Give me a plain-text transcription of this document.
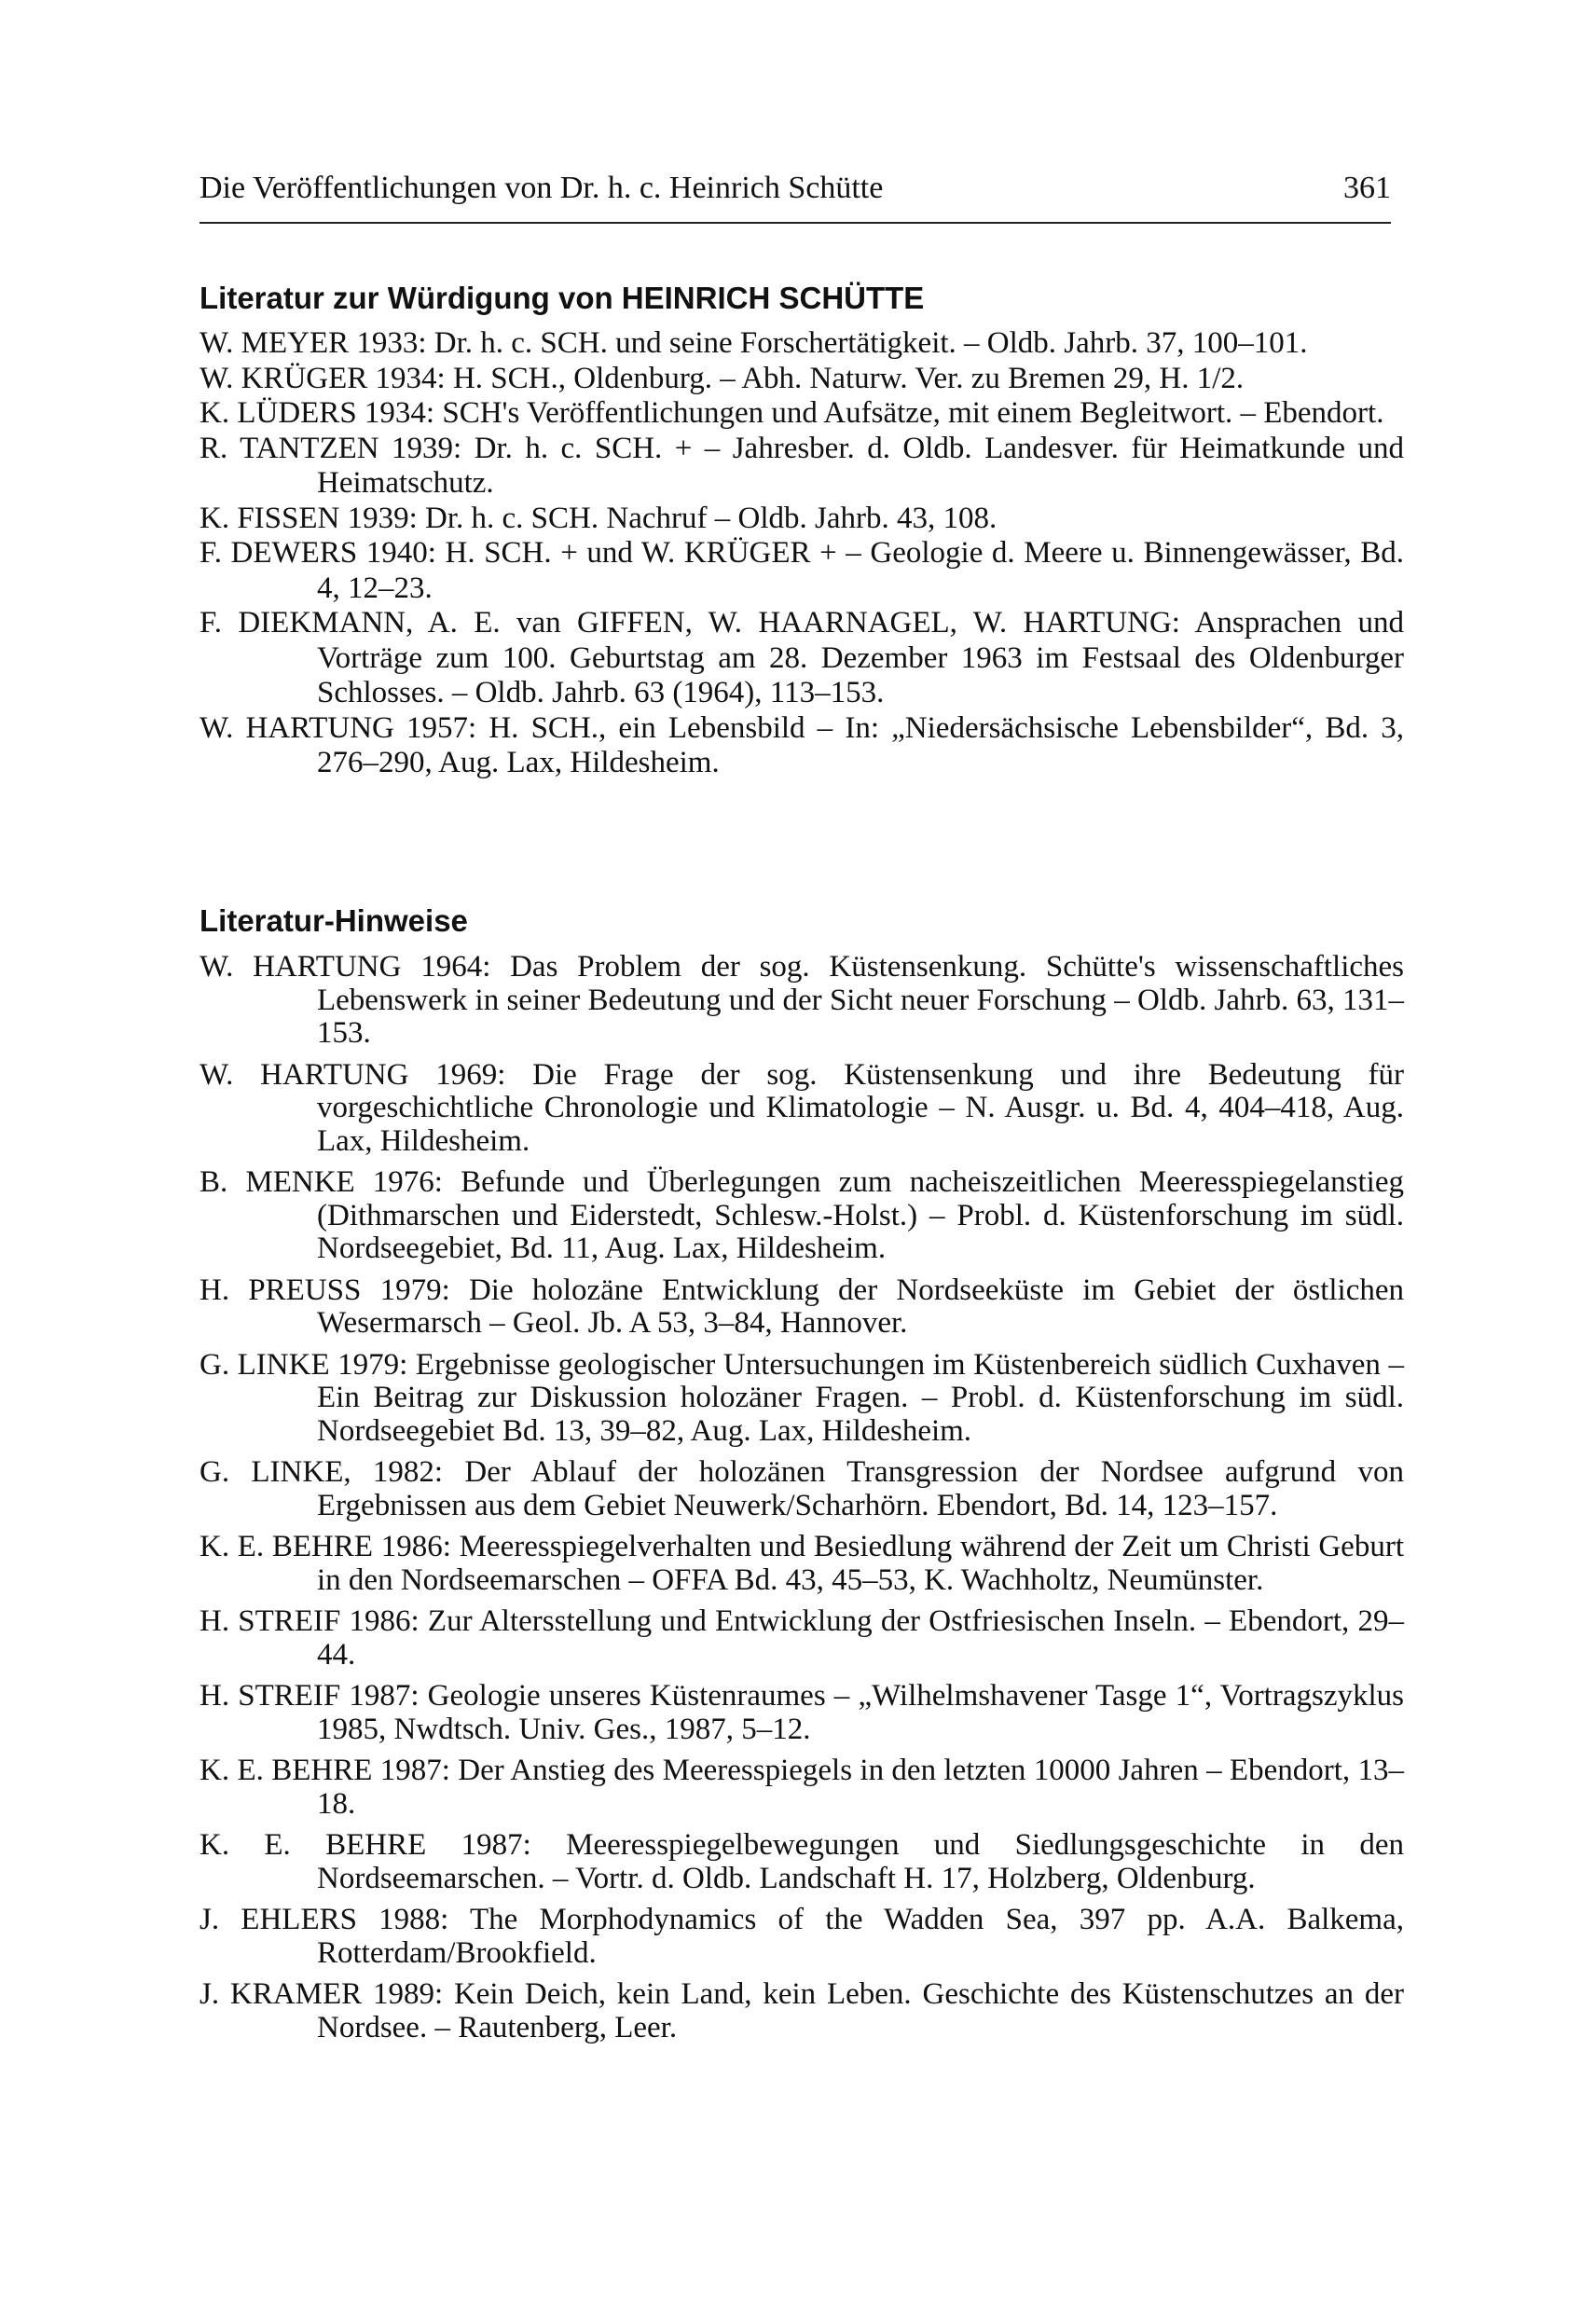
Die Veröffentlichungen von Dr. h. c. Heinrich Schütte	361
Literatur zur Würdigung von HEINRICH SCHÜTTE

W. MEYER 1933: Dr. h. c. SCH. und seine Forschertätigkeit. – Oldb. Jahrb. 37, 100–101.

W. KRÜGER 1934: H. SCH., Oldenburg. – Abh. Naturw. Ver. zu Bremen 29, H. 1/2.

K. LÜDERS 1934: SCH's Veröffentlichungen und Aufsätze, mit einem Begleitwort. – Ebendort.

R. TANTZEN 1939: Dr. h. c. SCH. + – Jahresber. d. Oldb. Landesver. für Heimatkunde und Heimatschutz.

K. FISSEN 1939: Dr. h. c. SCH. Nachruf – Oldb. Jahrb. 43, 108.

F. DEWERS 1940: H. SCH. + und W. KRÜGER + – Geologie d. Meere u. Binnengewässer, Bd. 4, 12–23.

F. DIEKMANN, A. E. van GIFFEN, W. HAARNAGEL, W. HARTUNG: Ansprachen und Vorträge zum 100. Geburtstag am 28. Dezember 1963 im Festsaal des Oldenburger Schlosses. – Oldb. Jahrb. 63 (1964), 113–153.

W. HARTUNG 1957: H. SCH., ein Lebensbild – In: „Niedersächsische Lebensbilder“, Bd. 3, 276–290, Aug. Lax, Hildesheim.

Literatur-Hinweise

W. HARTUNG 1964: Das Problem der sog. Küstensenkung. Schütte's wissenschaftliches Lebenswerk in seiner Bedeutung und der Sicht neuer Forschung – Oldb. Jahrb. 63, 131–153.

W. HARTUNG 1969: Die Frage der sog. Küstensenkung und ihre Bedeutung für vorgeschichtliche Chronologie und Klimatologie – N. Ausgr. u. Bd. 4, 404–418, Aug. Lax, Hildesheim.

B. MENKE 1976: Befunde und Überlegungen zum nacheiszeitlichen Meeresspiegelanstieg (Dithmarschen und Eiderstedt, Schlesw.-Holst.) – Probl. d. Küstenforschung im südl. Nordseegebiet, Bd. 11, Aug. Lax, Hildesheim.

H. PREUSS 1979: Die holozäne Entwicklung der Nordseeküste im Gebiet der östlichen Wesermarsch – Geol. Jb. A 53, 3–84, Hannover.

G. LINKE 1979: Ergebnisse geologischer Untersuchungen im Küstenbereich südlich Cuxhaven – Ein Beitrag zur Diskussion holozäner Fragen. – Probl. d. Küstenforschung im südl. Nordseegebiet Bd. 13, 39–82, Aug. Lax, Hildesheim.

G. LINKE, 1982: Der Ablauf der holozänen Transgression der Nordsee aufgrund von Ergebnissen aus dem Gebiet Neuwerk/Scharhörn. Ebendort, Bd. 14, 123–157.

K. E. BEHRE 1986: Meeresspiegelverhalten und Besiedlung während der Zeit um Christi Geburt in den Nordseemarschen – OFFA Bd. 43, 45–53, K. Wachholtz, Neumünster.

H. STREIF 1986: Zur Altersstellung und Entwicklung der Ostfriesischen Inseln. – Ebendort, 29–44.

H. STREIF 1987: Geologie unseres Küstenraumes – „Wilhelmshavener Tasge 1“, Vortragszyklus 1985, Nwdtsch. Univ. Ges., 1987, 5–12.

K. E. BEHRE 1987: Der Anstieg des Meeresspiegels in den letzten 10000 Jahren – Ebendort, 13–18.

K. E. BEHRE 1987: Meeresspiegelbewegungen und Siedlungsgeschichte in den Nordseemarschen. – Vortr. d. Oldb. Landschaft H. 17, Holzberg, Oldenburg.

J. EHLERS 1988: The Morphodynamics of the Wadden Sea, 397 pp. A.A. Balkema, Rotterdam/Brookfield.

J. KRAMER 1989: Kein Deich, kein Land, kein Leben. Geschichte des Küstenschutzes an der Nordsee. – Rautenberg, Leer.
